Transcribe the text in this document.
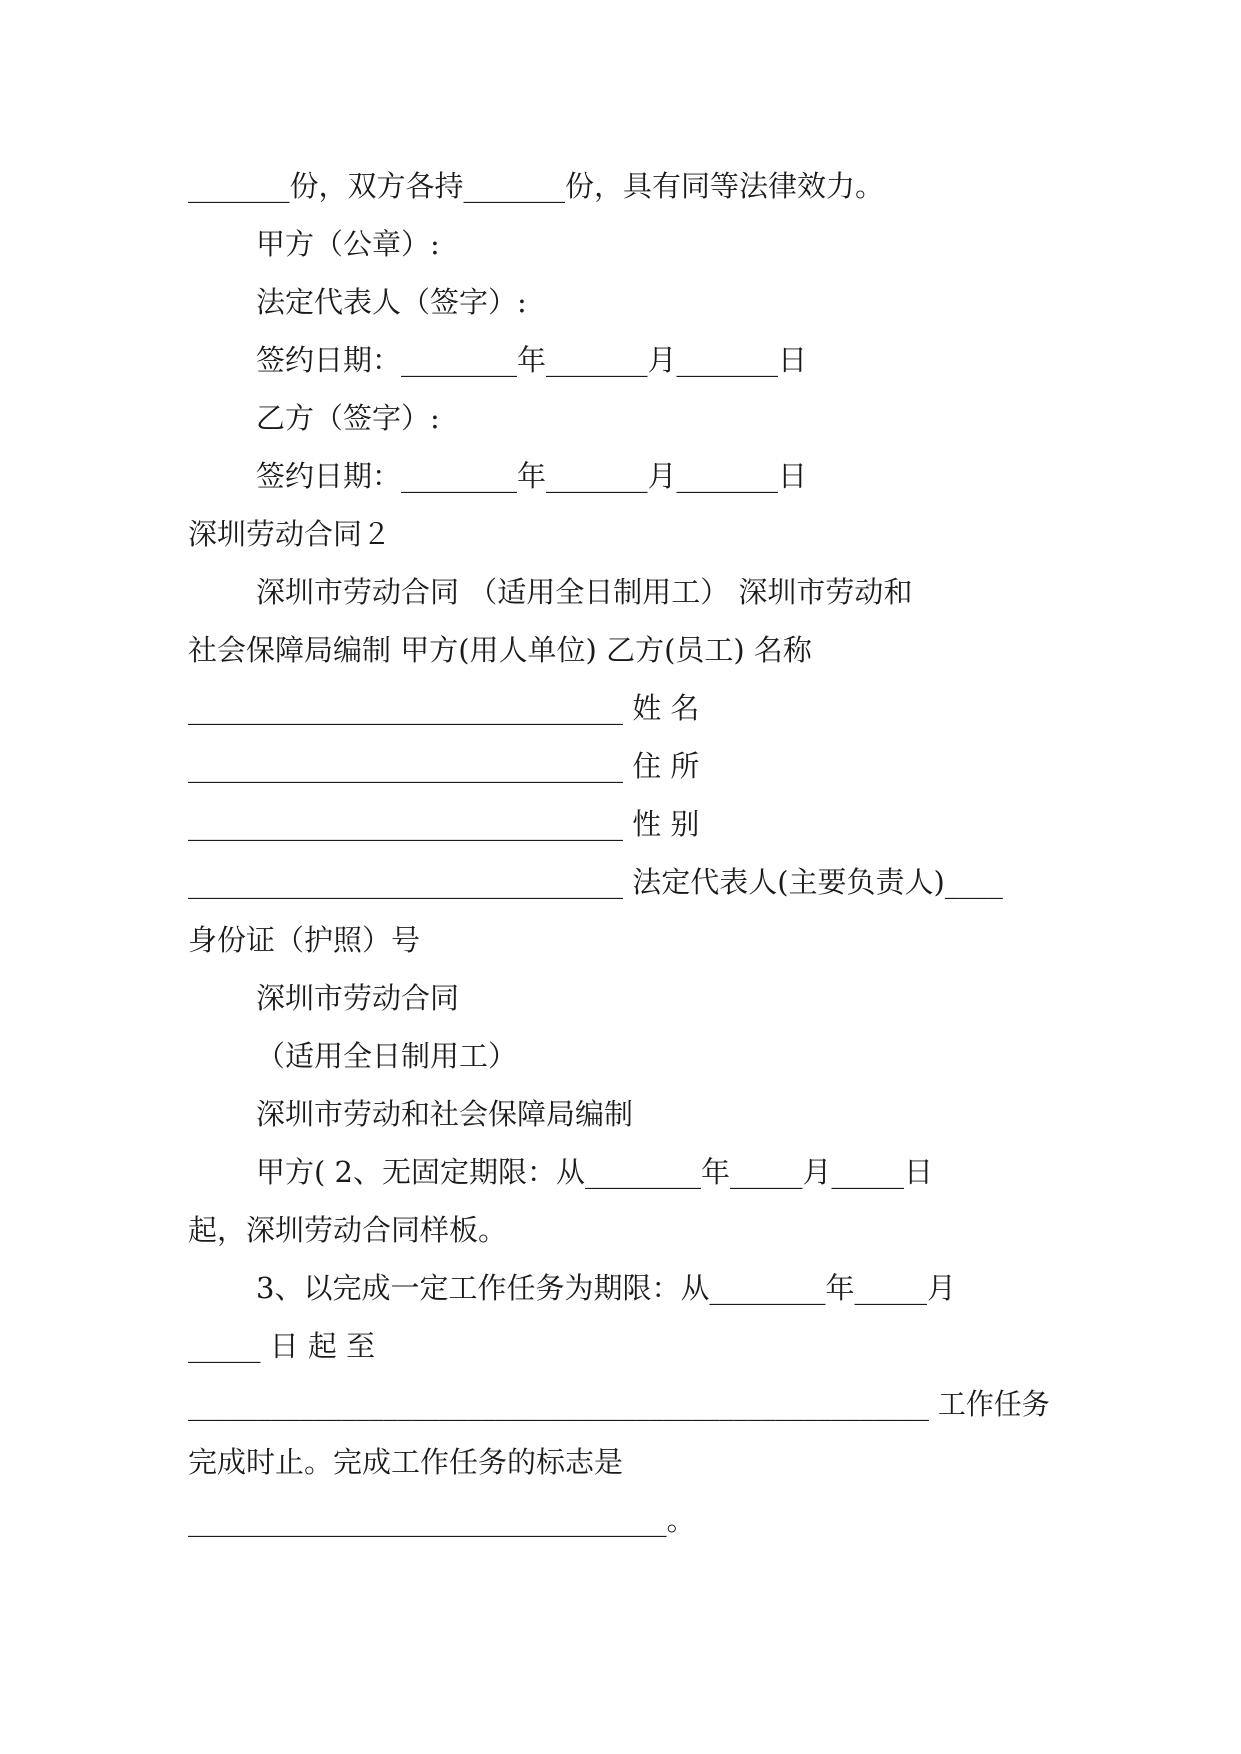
_______份，双方各持_______份，具有同等法律效力。
甲方（公章）:
法定代表人（签字）:
签约日期：________年_______月_______日
乙方（签字）:
签约日期：________年_______月_______日
深圳劳动合同２
深圳市劳动合同 （适用全日制用工） 深圳市劳动和
社会保障局编制 甲方(用人单位) 乙方(员工) 名称
______________________________ 姓 名
______________________________ 住 所
______________________________ 性 别
______________________________ 法定代表人(主要负责人)____
身份证（护照）号
深圳市劳动合同
（适用全日制用工）
深圳市劳动和社会保障局编制
甲方( 2、无固定期限：从________年_____月_____日
起，深圳劳动合同样板。
3、以完成一定工作任务为期限：从________年_____月
_____ 日 起 至
_____________________________________________________ 工作任务
完成时止。完成工作任务的标志是
_________________________________。
